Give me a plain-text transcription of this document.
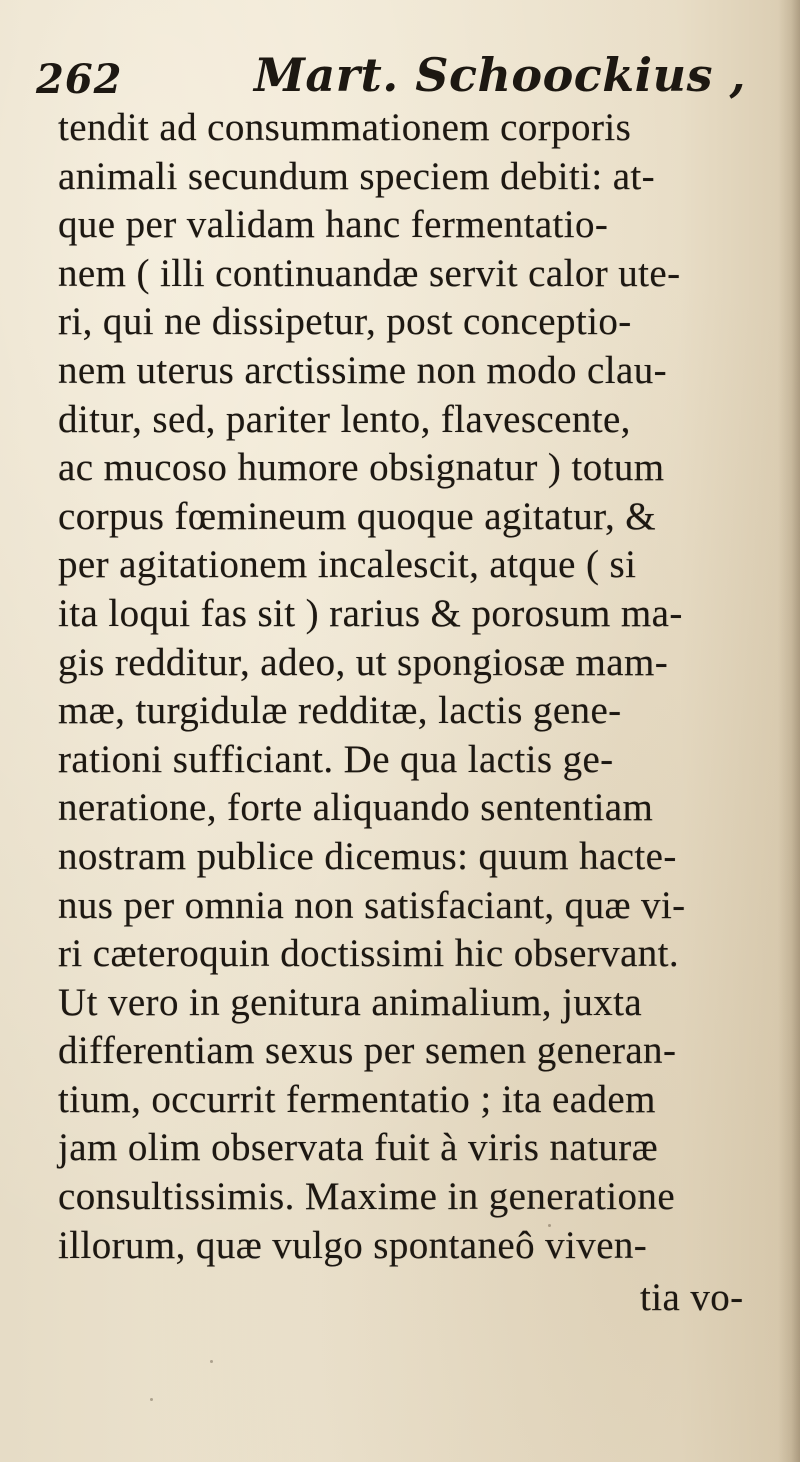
262	Mart. Schoockius ,
tendit ad consummationem corporis
animali secundum speciem debiti: at-
que per validam hanc fermentatio-
nem ( illi continuandæ servit calor ute-
ri, qui ne dissipetur, post conceptio-
nem uterus arctissime non modo clau-
ditur, sed, pariter lento, flavescente,
ac mucoso humore obsignatur ) totum
corpus fœmineum quoque agitatur, &
per agitationem incalescit, atque ( si
ita loqui fas sit ) rarius & porosum ma-
gis redditur, adeo, ut spongiosæ mam-
mæ, turgidulæ redditæ, lactis gene-
rationi sufficiant. De qua lactis ge-
neratione, forte aliquando sententiam
nostram publice dicemus: quum hacte-
nus per omnia non satisfaciant, quæ vi-
ri cæteroquin doctissimi hic observant.
Ut vero in genitura animalium, juxta
differentiam sexus per semen generan-
tium, occurrit fermentatio ; ita eadem
jam olim observata fuit à viris naturæ
consultissimis. Maxime in generatione
illorum, quæ vulgo spontaneô viven-
tia vo-
